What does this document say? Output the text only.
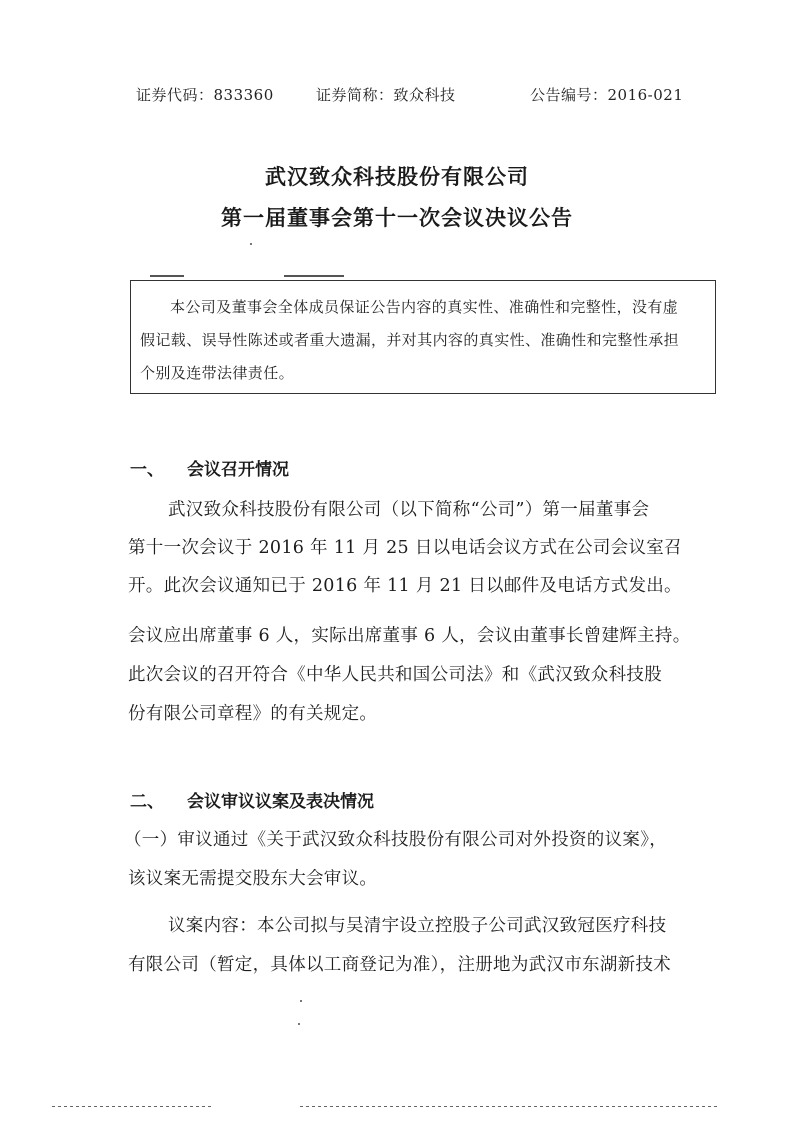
证券代码：833360	证券简称：致众科技	公告编号：2016-021
武汉致众科技股份有限公司
第一届董事会第十一次会议决议公告
本公司及董事会全体成员保证公告内容的真实性、准确性和完整性，没有虚
假记载、误导性陈述或者重大遗漏，并对其内容的真实性、准确性和完整性承担
个别及连带法律责任。
一、 会议召开情况
武汉致众科技股份有限公司（以下简称“公司”）第一届董事会
第十一次会议于 2016 年 11 月 25 日以电话会议方式在公司会议室召
开。此次会议通知已于 2016 年 11 月 21 日以邮件及电话方式发出。
会议应出席董事 6 人，实际出席董事 6 人，会议由董事长曾建辉主持。
此次会议的召开符合《中华人民共和国公司法》和《武汉致众科技股
份有限公司章程》的有关规定。
二、 会议审议议案及表决情况
（一）审议通过《关于武汉致众科技股份有限公司对外投资的议案》，
该议案无需提交股东大会审议。
议案内容：本公司拟与吴清宇设立控股子公司武汉致冠医疗科技
有限公司（暂定，具体以工商登记为准），注册地为武汉市东湖新技术
